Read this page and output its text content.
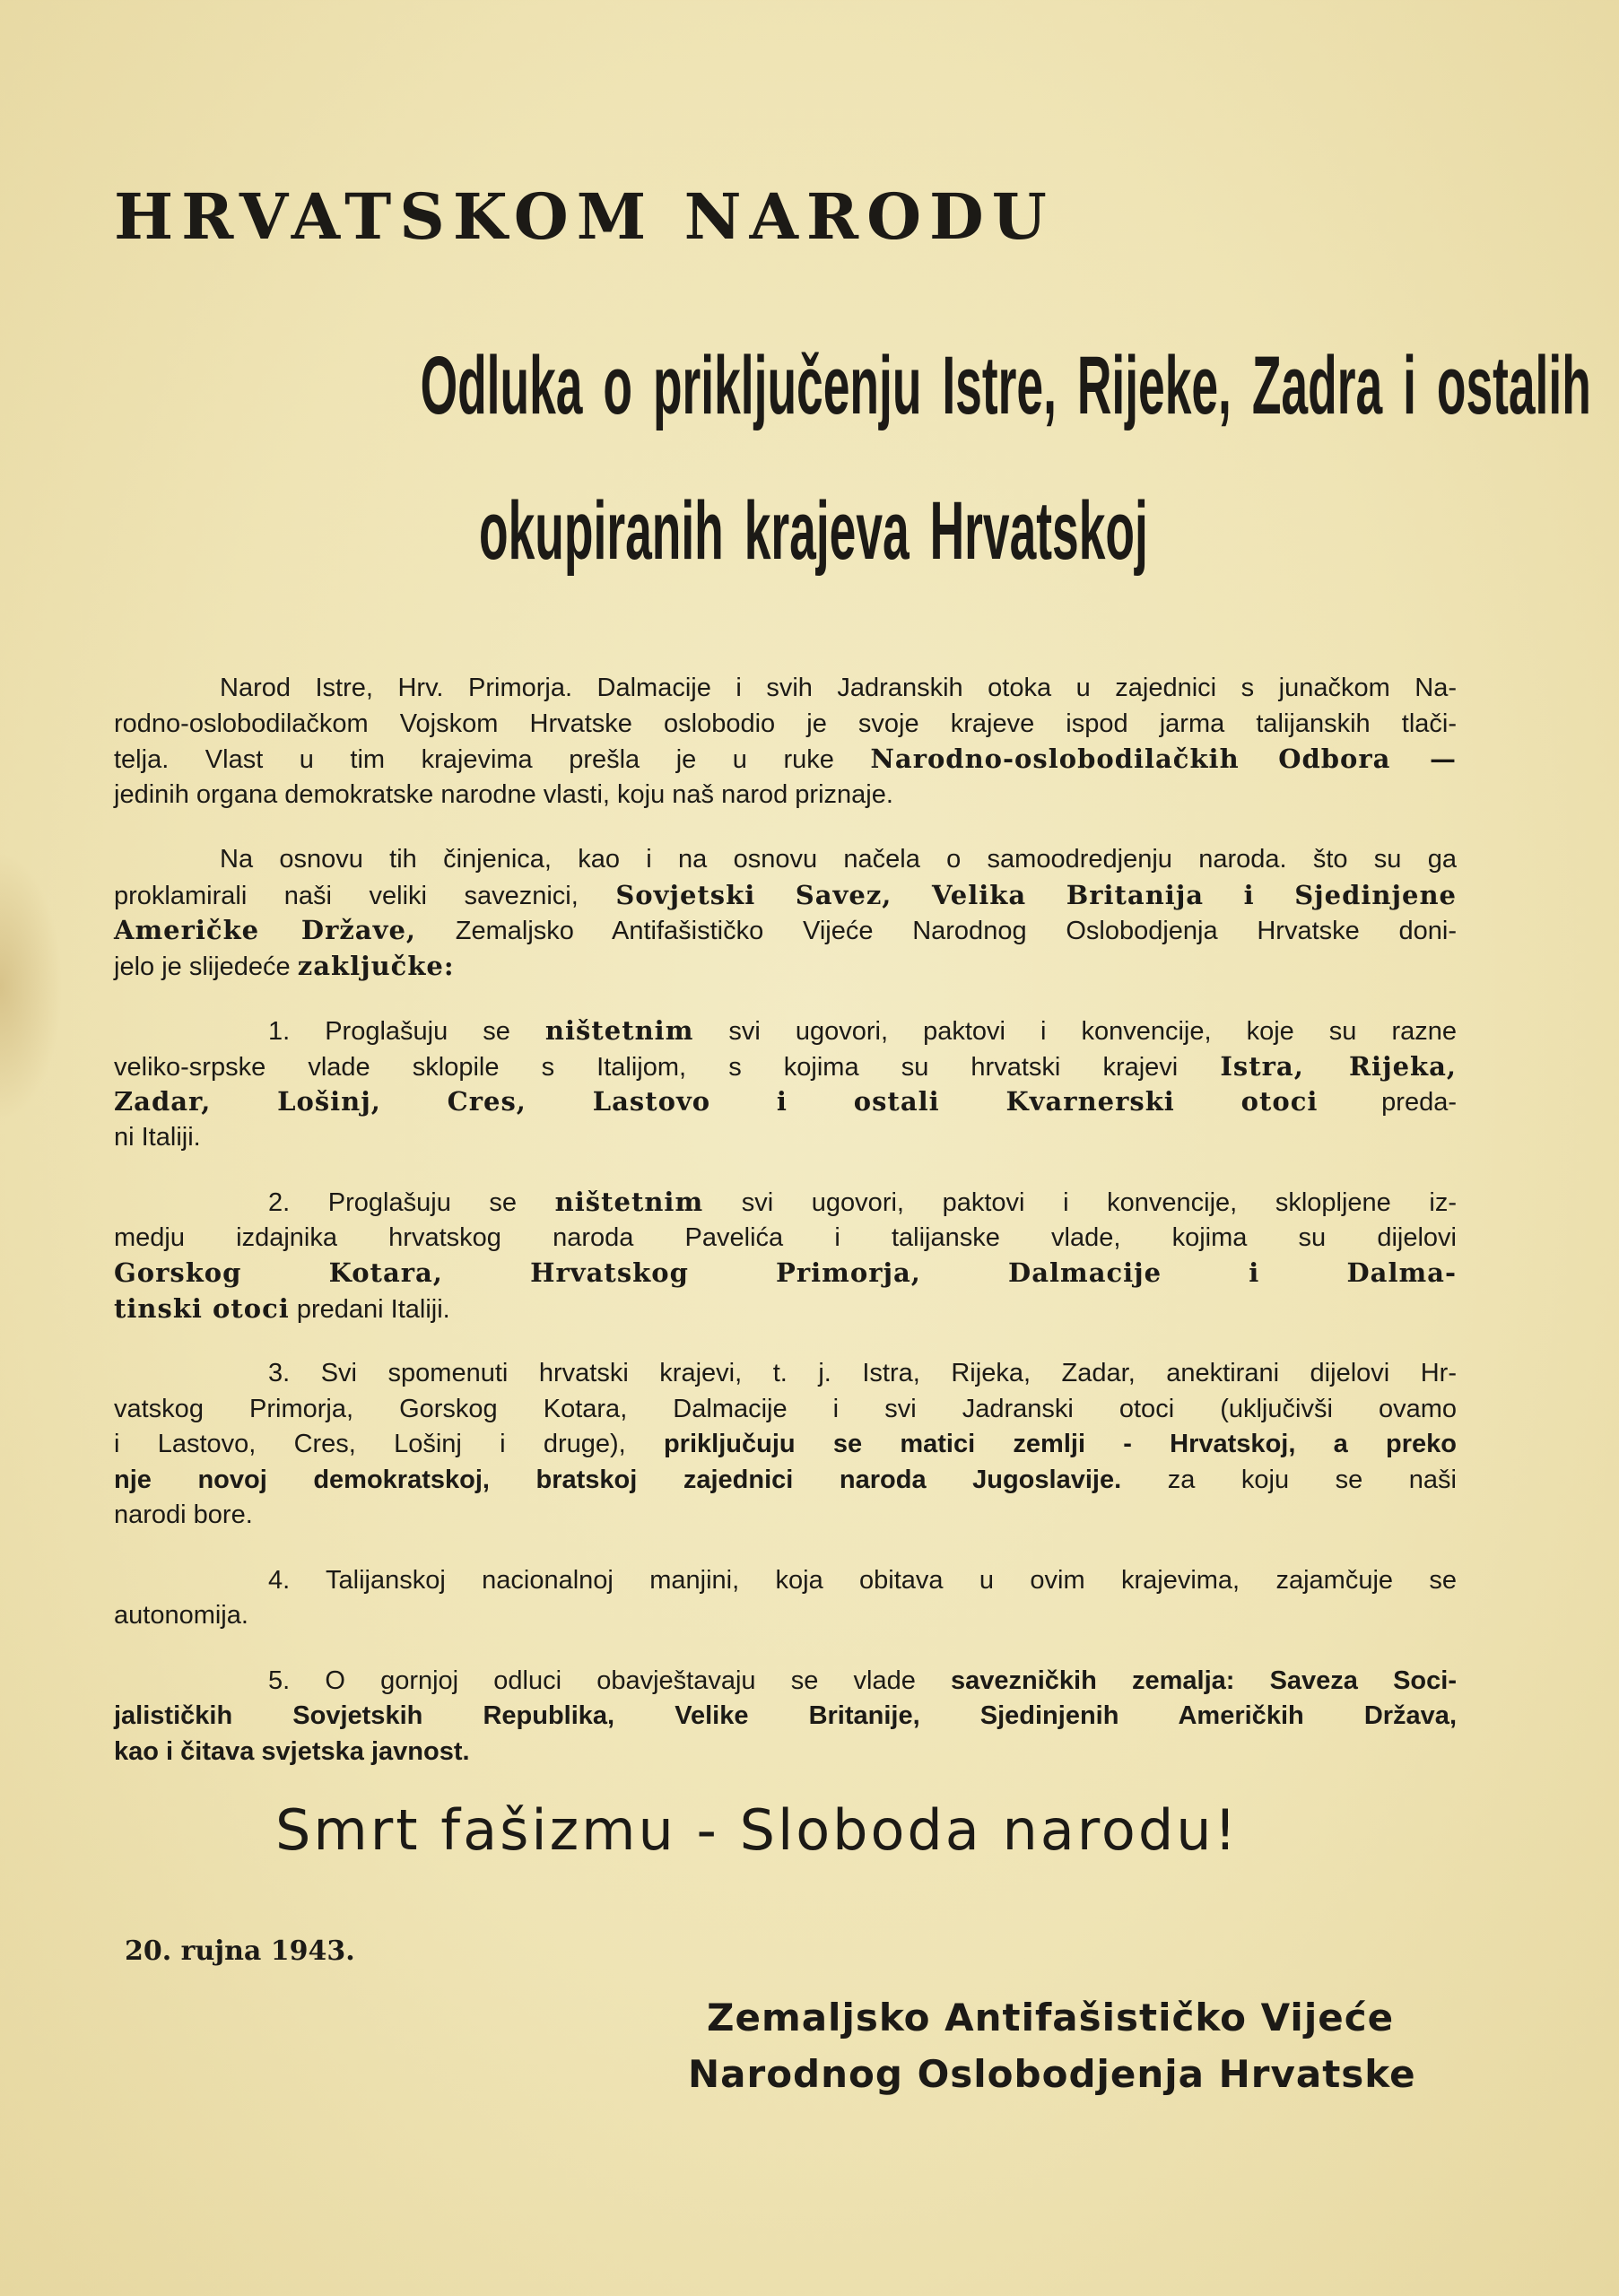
HRVATSKOM NARODU
Odluka o priključenju Istre, Rijeke, Zadra i ostalih
okupiranih krajeva Hrvatskoj
Narod Istre, Hrv. Primorja. Dalmacije i svih Jadranskih otoka u zajednici s junačkom Na-
rodno-oslobodilačkom Vojskom Hrvatske oslobodio je svoje krajeve ispod jarma talijanskih tlači-
telja. Vlast u tim krajevima prešla je u ruke Narodno-oslobodilačkih Odbora —
jedinih organa demokratske narodne vlasti, koju naš narod priznaje.
Na osnovu tih činjenica, kao i na osnovu načela o samoodredjenju naroda. što su ga
proklamirali naši veliki saveznici, Sovjetski Savez, Velika Britanija i Sjedinjene
Američke Države, Zemaljsko Antifašističko Vijeće Narodnog Oslobodjenja Hrvatske doni-
jelo je slijedeće zaključke:
1. Proglašuju se ništetnim svi ugovori, paktovi i konvencije, koje su razne
veliko-srpske vlade sklopile s Italijom, s kojima su hrvatski krajevi Istra, Rijeka,
Zadar, Lošinj, Cres, Lastovo i ostali Kvarnerski otoci preda-
ni Italiji.
2. Proglašuju se ništetnim svi ugovori, paktovi i konvencije, sklopljene iz-
medju izdajnika hrvatskog naroda Pavelića i talijanske vlade, kojima su dijelovi
Gorskog Kotara, Hrvatskog Primorja, Dalmacije i Dalma-
tinski otoci predani Italiji.
3. Svi spomenuti hrvatski krajevi, t. j. Istra, Rijeka, Zadar, anektirani dijelovi Hr-
vatskog Primorja, Gorskog Kotara, Dalmacije i svi Jadranski otoci (uključivši ovamo
i Lastovo, Cres, Lošinj i druge), priključuju se matici zemlji - Hrvatskoj, a preko
nje novoj demokratskoj, bratskoj zajednici naroda Jugoslavije. za koju se naši
narodi bore.
4. Talijanskoj nacionalnoj manjini, koja obitava u ovim krajevima, zajamčuje se
autonomija.
5. O gornjoj odluci obavještavaju se vlade savezničkih zemalja: Saveza Soci-
jalističkih Sovjetskih Republika, Velike Britanije, Sjedinjenih Američkih Država,
kao i čitava svjetska javnost.
Smrt fašizmu - Sloboda narodu!
20. rujna 1943.
Zemaljsko Antifašističko Vijeće
Narodnog Oslobodjenja Hrvatske
